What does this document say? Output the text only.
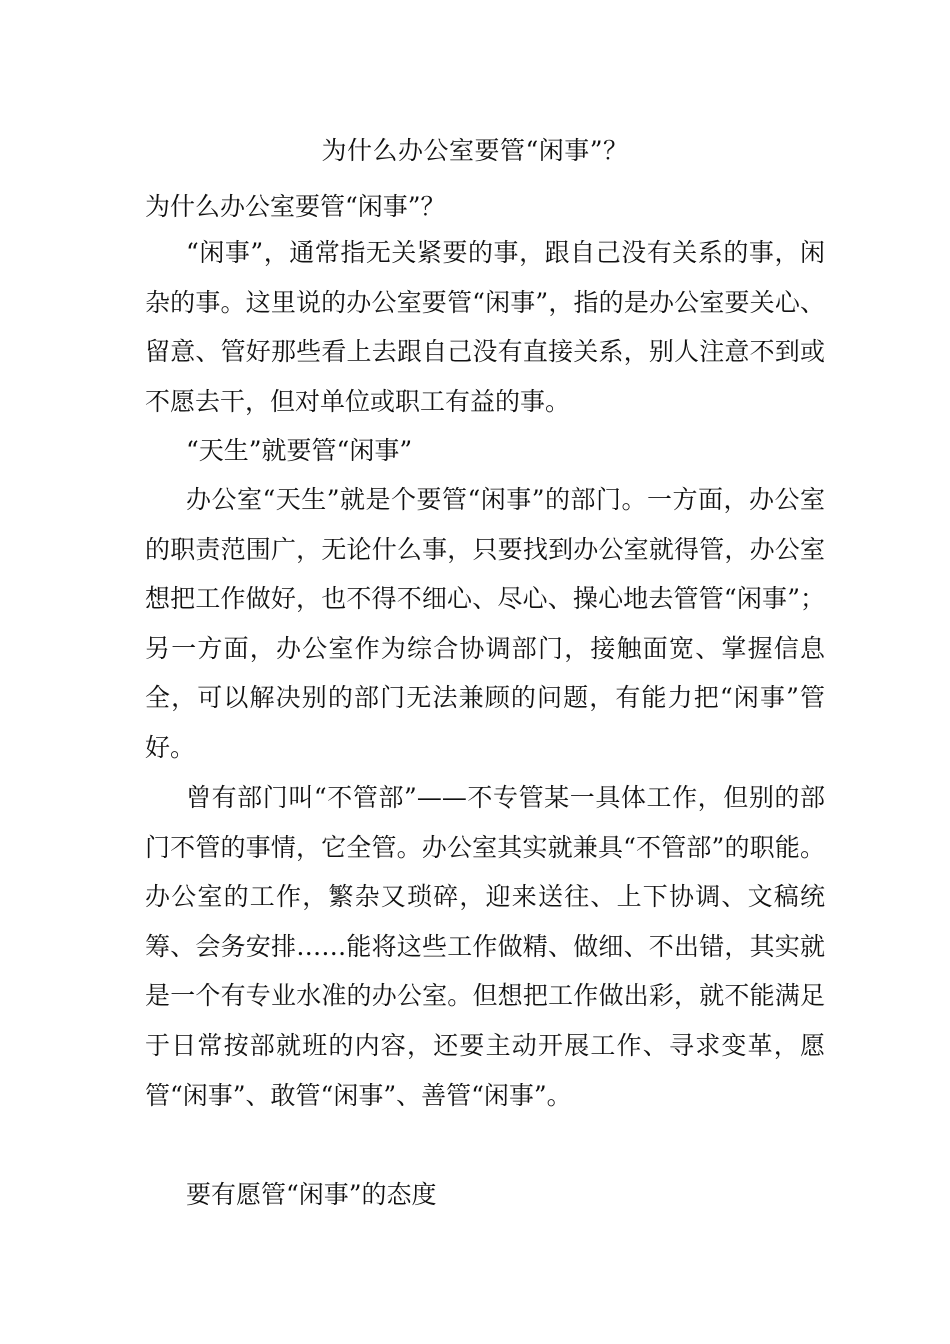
为什么办公室要管“闲事”？

为什么办公室要管“闲事”？

“闲事”，通常指无关紧要的事，跟自己没有关系的事，闲杂的事。这里说的办公室要管“闲事”，指的是办公室要关心、留意、管好那些看上去跟自己没有直接关系，别人注意不到或不愿去干，但对单位或职工有益的事。

“天生”就要管“闲事”

办公室“天生”就是个要管“闲事”的部门。一方面，办公室的职责范围广，无论什么事，只要找到办公室就得管，办公室想把工作做好，也不得不细心、尽心、操心地去管管“闲事”；另一方面，办公室作为综合协调部门，接触面宽、掌握信息全，可以解决别的部门无法兼顾的问题，有能力把“闲事”管好。

曾有部门叫“不管部”——不专管某一具体工作，但别的部门不管的事情，它全管。办公室其实就兼具“不管部”的职能。办公室的工作，繁杂又琐碎，迎来送往、上下协调、文稿统筹、会务安排……能将这些工作做精、做细、不出错，其实就是一个有专业水准的办公室。但想把工作做出彩，就不能满足于日常按部就班的内容，还要主动开展工作、寻求变革，愿管“闲事”、敢管“闲事”、善管“闲事”。

要有愿管“闲事”的态度
